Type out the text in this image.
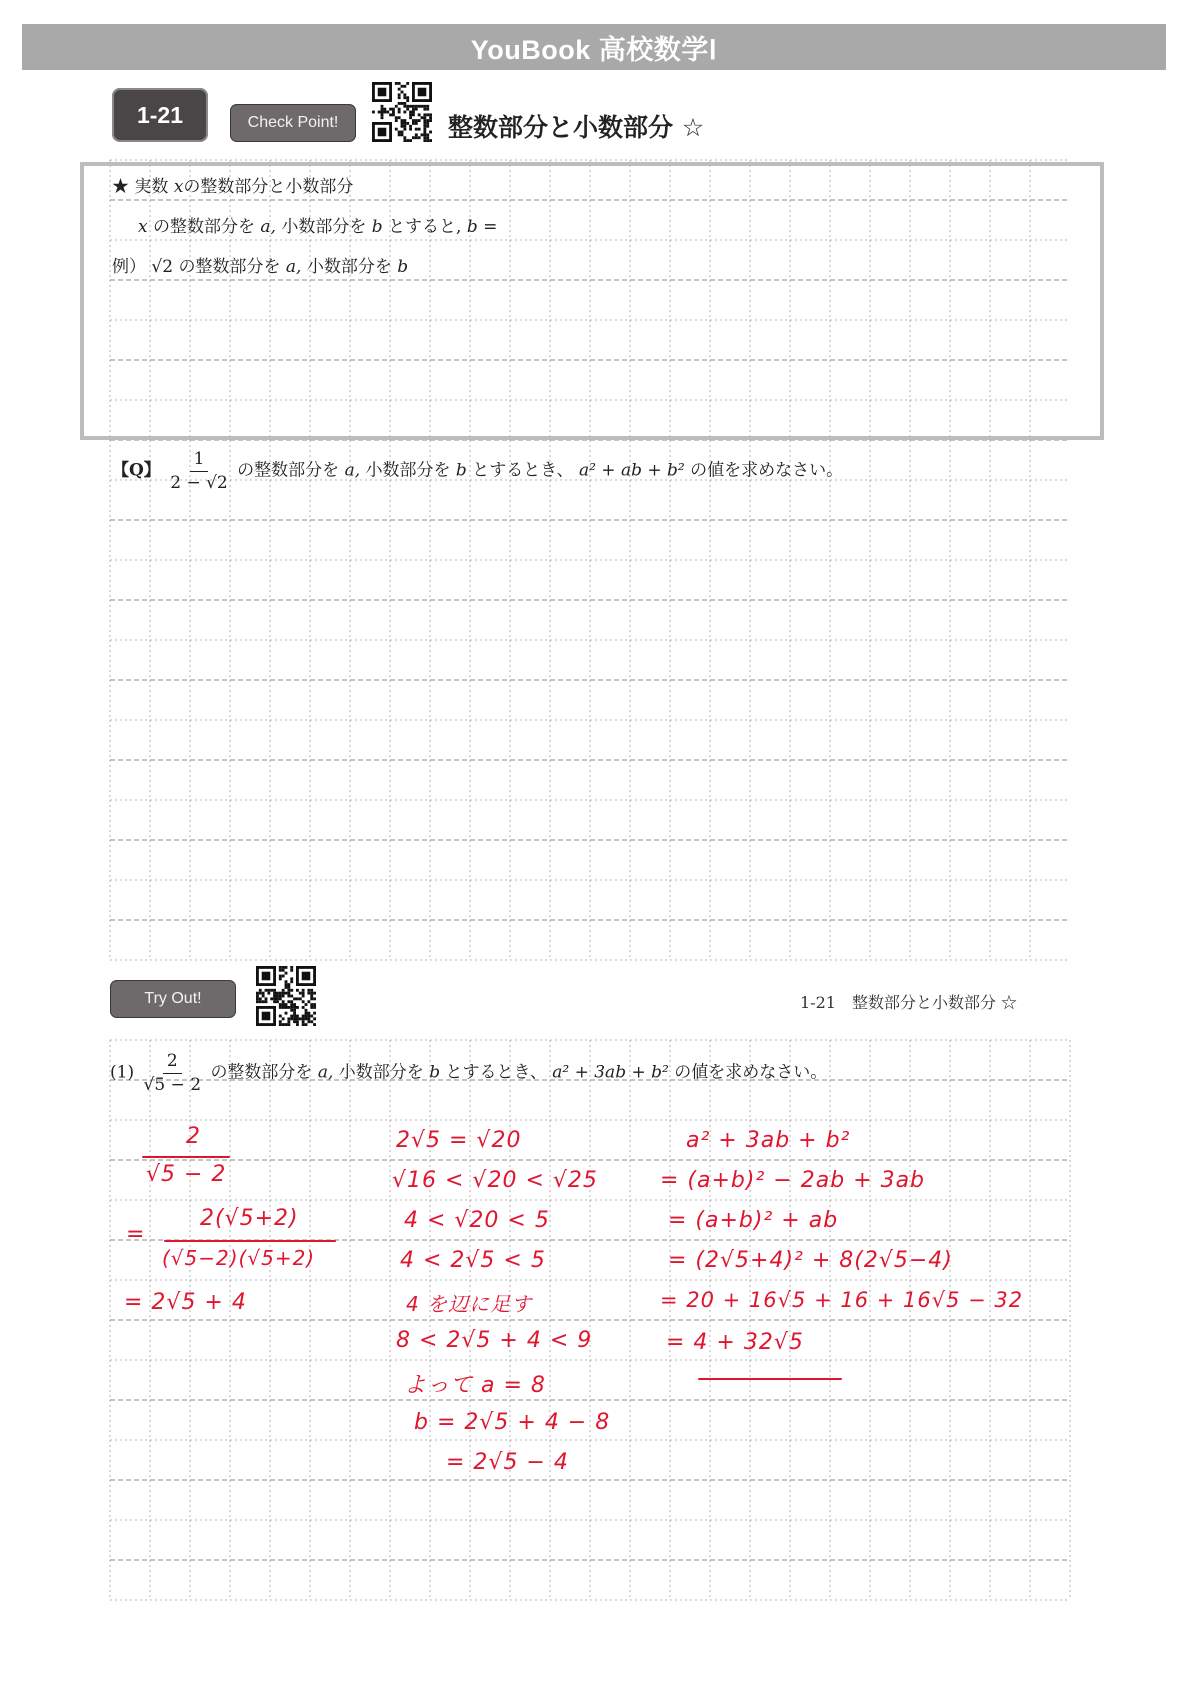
YouBook 高校数学Ⅰ
1-21	Check Point!	整数部分と小数部分 ☆
★ 実数 xの整数部分と小数部分
x の整数部分を a, 小数部分を b とすると, b =
例） √2 の整数部分を a, 小数部分を b
【Q】 $\frac{1}{2 - √2}$ の整数部分を a, 小数部分を b とするとき、 a² + ab + b² の値を求めなさい。
Try Out!	1-21　整数部分と小数部分 ☆
$(1) \frac{2}{√5 - 2}$ の整数部分を a, 小数部分を b とするとき、 a² + 3ab + b² の値を求めなさい。
2
√5 − 2
=
2(√5+2)
(√5−2)(√5+2)
= 2√5 + 4
2√5 = √20
√16 < √20 < √25
4 < √20 < 5
4 < 2√5 < 5
4 を辺に足す
8 < 2√5 + 4 < 9
よって a = 8
b = 2√5 + 4 − 8
= 2√5 − 4
a² + 3ab + b²
= (a+b)² − 2ab + 3ab
= (a+b)² + ab
= (2√5+4)² + 8(2√5−4)
= 20 + 16√5 + 16 + 16√5 − 32
= 4 + 32√5
